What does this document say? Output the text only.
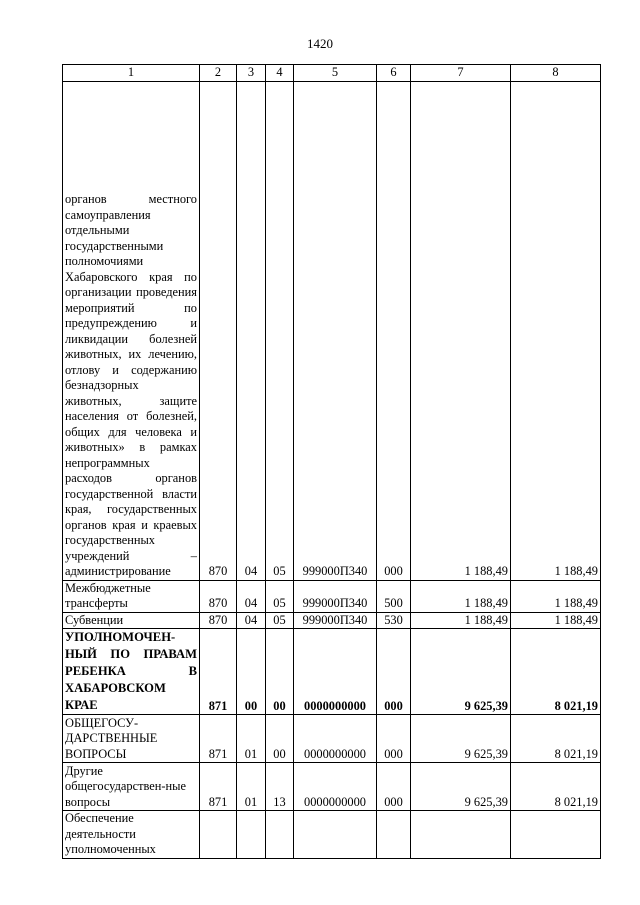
1420
1	2	3	4	5	6	7	8
органов местного самоуправления отдельными государственными полномочиями Хабаровского края по организации проведения мероприятий по предупреждению и ликвидации болезней животных, их лечению, отлову и содержанию безнадзорных животных, защите населения от болезней, общих для человека и животных» в рамках непрограммных расходов органов государственной власти края, государственных органов края и краевых государственных учреждений – администрирование	870	04	05	999000П340	000	1 188,49	1 188,49
Межбюджетные трансферты	870	04	05	999000П340	500	1 188,49	1 188,49
Субвенции	870	04	05	999000П340	530	1 188,49	1 188,49
УПОЛНОМОЧЕН-НЫЙ ПО ПРАВАМ РЕБЕНКА В ХАБАРОВСКОМ КРАЕ	871	00	00	0000000000	000	9 625,39	8 021,19
ОБЩЕГОСУ-ДАРСТВЕННЫЕ ВОПРОСЫ	871	01	00	0000000000	000	9 625,39	8 021,19
Другие общегосударствен-ные вопросы	871	01	13	0000000000	000	9 625,39	8 021,19
Обеспечение деятельности уполномоченных							
